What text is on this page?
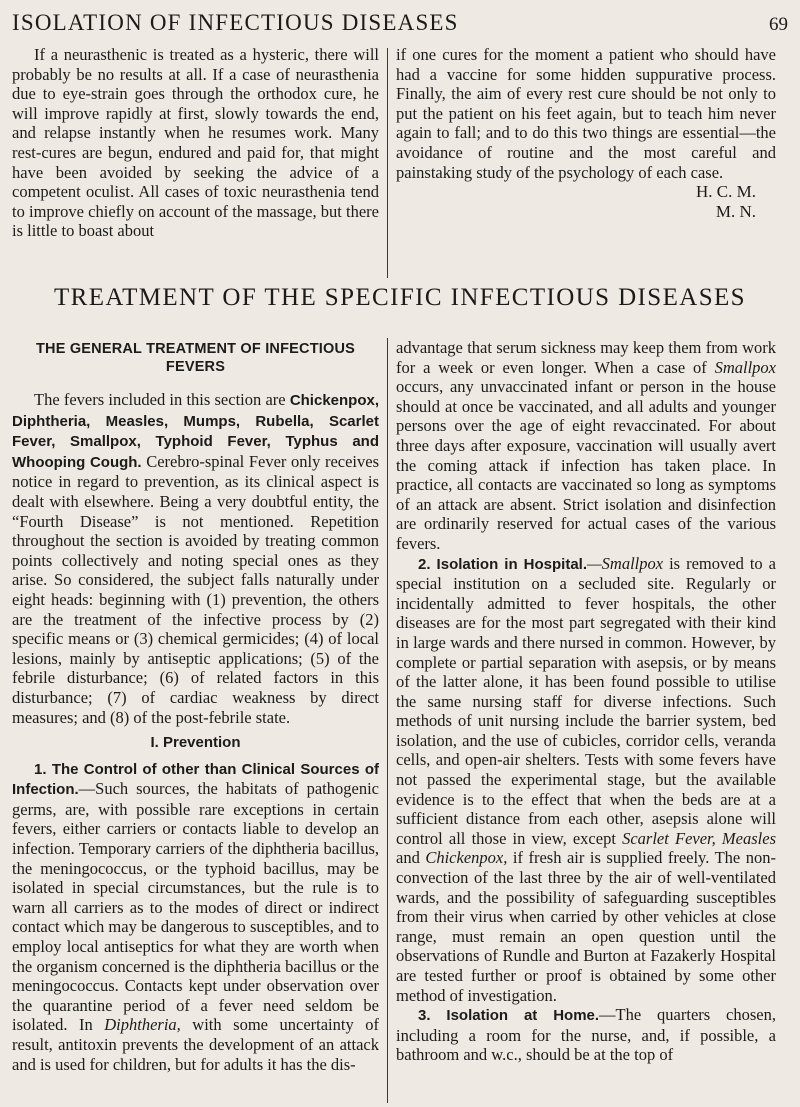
ISOLATION OF INFECTIOUS DISEASES	69

If a neurasthenic is treated as a hysteric, there will probably be no results at all. If a case of neurasthenia due to eye-strain goes through the orthodox cure, he will improve rapidly at first, slowly towards the end, and relapse instantly when he resumes work. Many rest-cures are begun, endured and paid for, that might have been avoided by seeking the advice of a competent oculist. All cases of toxic neurasthenia tend to improve chiefly on account of the massage, but there is little to boast about

if one cures for the moment a patient who should have had a vaccine for some hidden suppurative process. Finally, the aim of every rest cure should be not only to put the patient on his feet again, but to teach him never again to fall; and to do this two things are essential—the avoidance of routine and the most careful and painstaking study of the psychology of each case.

H. C. M.
M. N.
TREATMENT OF THE SPECIFIC INFECTIOUS DISEASES
THE GENERAL TREATMENT OF INFECTIOUS FEVERS

The fevers included in this section are Chickenpox, Diphtheria, Measles, Mumps, Rubella, Scarlet Fever, Smallpox, Typhoid Fever, Typhus and Whooping Cough. Cerebro-spinal Fever only receives notice in regard to prevention, as its clinical aspect is dealt with elsewhere. Being a very doubtful entity, the “Fourth Disease” is not mentioned. Repetition throughout the section is avoided by treating common points collectively and noting special ones as they arise. So considered, the subject falls naturally under eight heads: beginning with (1) prevention, the others are the treatment of the infective process by (2) specific means or (3) chemical germicides; (4) of local lesions, mainly by antiseptic applications; (5) of the febrile disturbance; (6) of related factors in this disturbance; (7) of cardiac weakness by direct measures; and (8) of the post-febrile state.

I. Prevention

1. The Control of other than Clinical Sources of Infection.—Such sources, the habitats of pathogenic germs, are, with possible rare exceptions in certain fevers, either carriers or contacts liable to develop an infection. Temporary carriers of the diphtheria bacillus, the meningococcus, or the typhoid bacillus, may be isolated in special circumstances, but the rule is to warn all carriers as to the modes of direct or indirect contact which may be dangerous to susceptibles, and to employ local antiseptics for what they are worth when the organism concerned is the diphtheria bacillus or the meningococcus. Contacts kept under observation over the quarantine period of a fever need seldom be isolated. In Diphtheria, with some uncertainty of result, antitoxin prevents the development of an attack and is used for children, but for adults it has the dis-

advantage that serum sickness may keep them from work for a week or even longer. When a case of Smallpox occurs, any unvaccinated infant or person in the house should at once be vaccinated, and all adults and younger persons over the age of eight revaccinated. For about three days after exposure, vaccination will usually avert the coming attack if infection has taken place. In practice, all contacts are vaccinated so long as symptoms of an attack are absent. Strict isolation and disinfection are ordinarily reserved for actual cases of the various fevers.

2. Isolation in Hospital.—Smallpox is removed to a special institution on a secluded site. Regularly or incidentally admitted to fever hospitals, the other diseases are for the most part segregated with their kind in large wards and there nursed in common. However, by complete or partial separation with asepsis, or by means of the latter alone, it has been found possible to utilise the same nursing staff for diverse infections. Such methods of unit nursing include the barrier system, bed isolation, and the use of cubicles, corridor cells, veranda cells, and open-air shelters. Tests with some fevers have not passed the experimental stage, but the available evidence is to the effect that when the beds are at a sufficient distance from each other, asepsis alone will control all those in view, except Scarlet Fever, Measles and Chickenpox, if fresh air is supplied freely. The non-convection of the last three by the air of well-ventilated wards, and the possibility of safeguarding susceptibles from their virus when carried by other vehicles at close range, must remain an open question until the observations of Rundle and Burton at Fazakerly Hospital are tested further or proof is obtained by some other method of investigation.

3. Isolation at Home.—The quarters chosen, including a room for the nurse, and, if possible, a bathroom and w.c., should be at the top of
